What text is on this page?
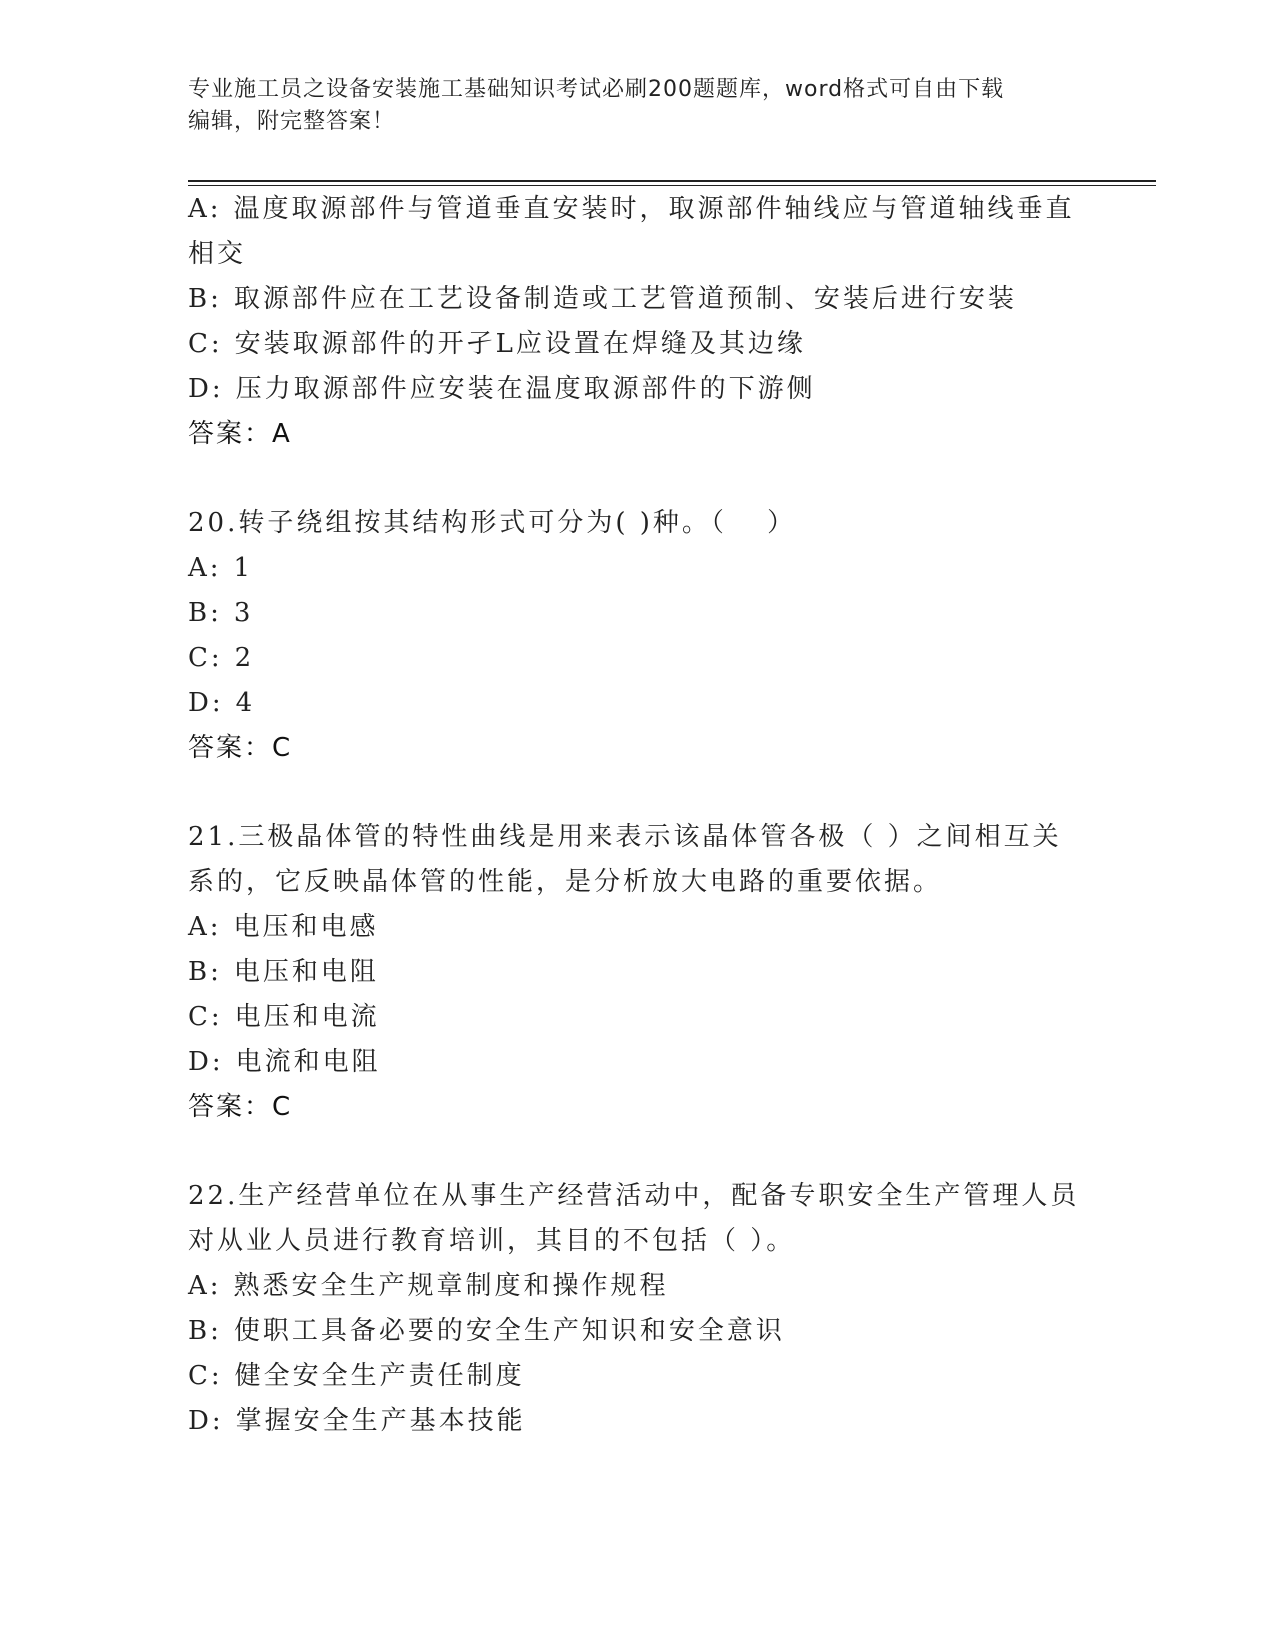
专业施工员之设备安装施工基础知识考试必刷200题题库，word格式可自由下载
编辑，附完整答案！
A: 温度取源部件与管道垂直安装时，取源部件轴线应与管道轴线垂直
相交
B: 取源部件应在工艺设备制造或工艺管道预制、安装后进行安装
C: 安装取源部件的开孑L应设置在焊缝及其边缘
D: 压力取源部件应安装在温度取源部件的下游侧
答案：A
20.转子绕组按其结构形式可分为( )种。（　 ）
A: 1
B: 3
C: 2
D: 4
答案：C
21.三极晶体管的特性曲线是用来表示该晶体管各极（ ）之间相互关
系的，它反映晶体管的性能，是分析放大电路的重要依据。
A: 电压和电感
B: 电压和电阻
C: 电压和电流
D: 电流和电阻
答案：C
22.生产经营单位在从事生产经营活动中，配备专职安全生产管理人员
对从业人员进行教育培训，其目的不包括（ ）。
A: 熟悉安全生产规章制度和操作规程
B: 使职工具备必要的安全生产知识和安全意识
C: 健全安全生产责任制度
D: 掌握安全生产基本技能
